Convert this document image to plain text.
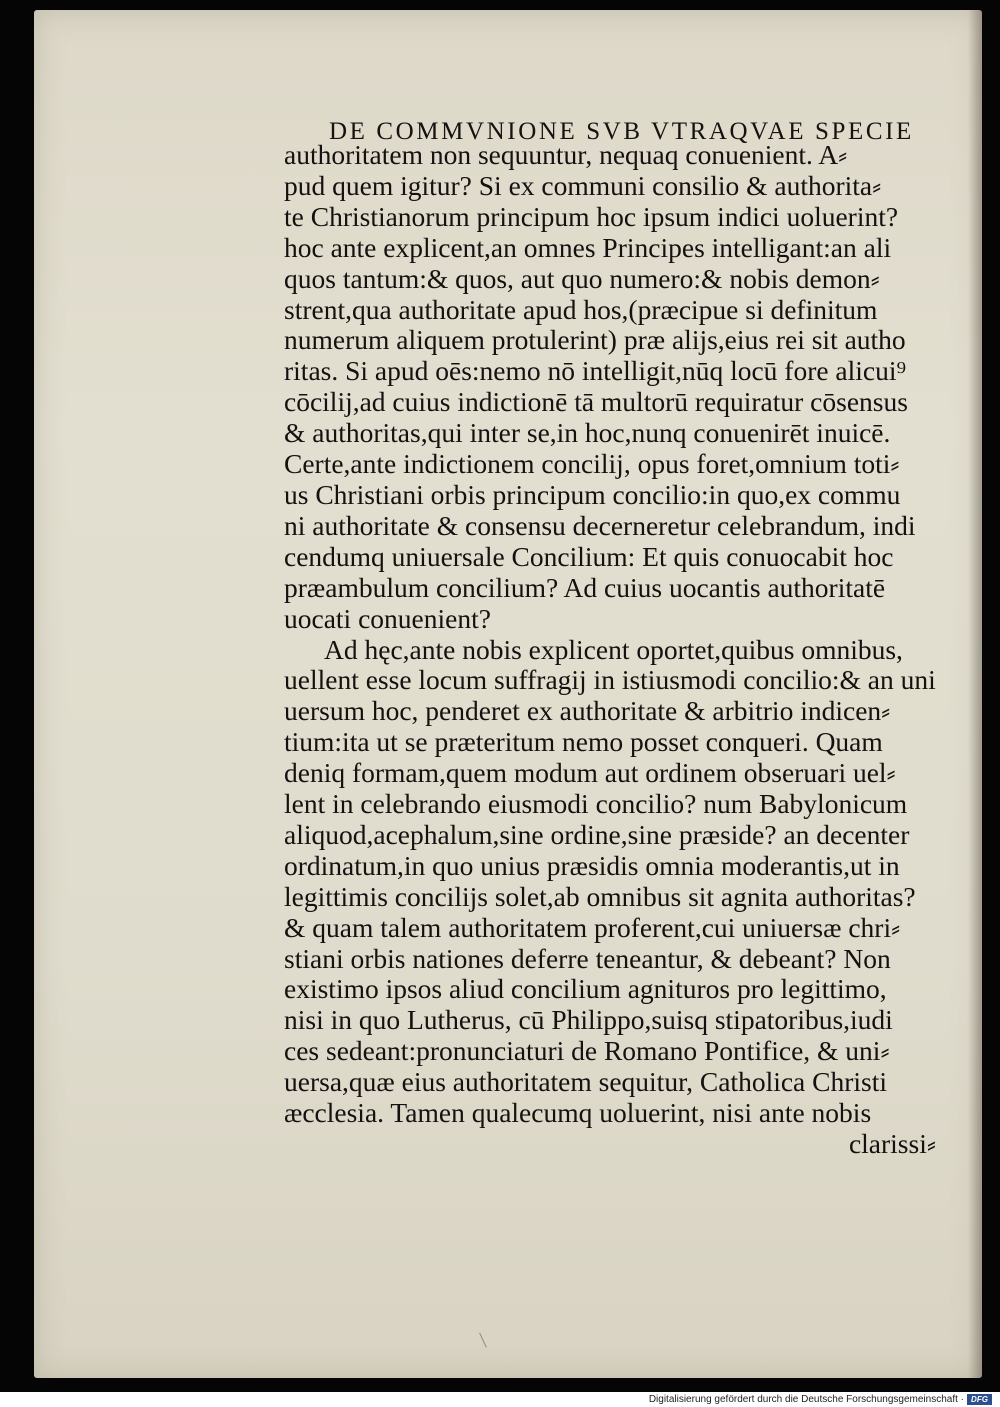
DE COMMVNIONE SVB VTRAQVAE SPECIE
authoritatem non sequuntur, nequaq conuenient. A⸗
pud quem igitur? Si ex communi consilio & authorita⸗
te Christianorum principum hoc ipsum indici uoluerint?
hoc ante explicent,an omnes Principes intelligant:an ali
quos tantum:& quos, aut quo numero:& nobis demon⸗
strent,qua authoritate apud hos,(præcipue si definitum
numerum aliquem protulerint) præ alijs,eius rei sit autho
ritas. Si apud oēs:nemo nō intelligit,nūq locū fore alicui⁹
cōcilij,ad cuius indictionē tā multorū requiratur cōsensus
& authoritas,qui inter se,in hoc,nunq conuenirēt inuicē.
Certe,ante indictionem concilij, opus foret,omnium toti⸗
us Christiani orbis principum concilio:in quo,ex commu
ni authoritate & consensu decerneretur celebrandum, indi
cendumq uniuersale Concilium: Et quis conuocabit hoc
præambulum concilium? Ad cuius uocantis authoritatē
uocati conuenient?
Ad hęc,ante nobis explicent oportet,quibus omnibus,
uellent esse locum suffragij in istiusmodi concilio:& an uni
uersum hoc, penderet ex authoritate & arbitrio indicen⸗
tium:ita ut se præteritum nemo posset conqueri. Quam
deniq formam,quem modum aut ordinem obseruari uel⸗
lent in celebrando eiusmodi concilio? num Babylonicum
aliquod,acephalum,sine ordine,sine præside? an decenter
ordinatum,in quo unius præsidis omnia moderantis,ut in
legittimis concilijs solet,ab omnibus sit agnita authoritas?
& quam talem authoritatem proferent,cui uniuersæ chri⸗
stiani orbis nationes deferre teneantur, & debeant? Non
existimo ipsos aliud concilium agnituros pro legittimo,
nisi in quo Lutherus, cū Philippo,suisq stipatoribus,iudi
ces sedeant:pronunciaturi de Romano Pontifice, & uni⸗
uersa,quæ eius authoritatem sequitur, Catholica Christi
æcclesia. Tamen qualecumq uoluerint, nisi ante nobis
clarissi⸗
Digitalisierung gefördert durch die Deutsche Forschungsgemeinschaft · DFG
